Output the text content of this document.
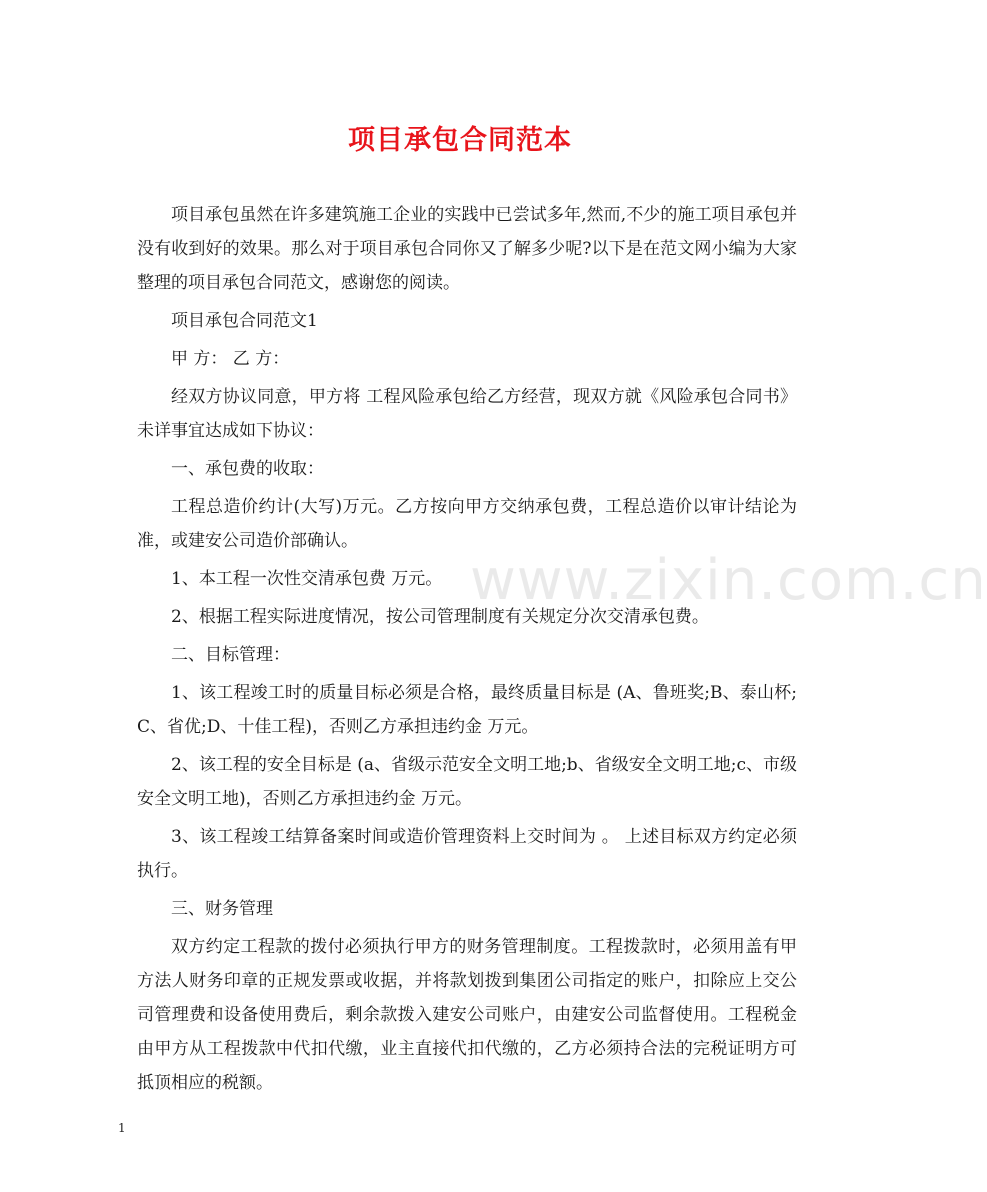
项目承包合同范本

项目承包虽然在许多建筑施工企业的实践中已尝试多年,然而,不少的施工项目承包并没有收到好的效果。那么对于项目承包合同你又了解多少呢?以下是在范文网小编为大家整理的项目承包合同范文，感谢您的阅读。

项目承包合同范文1

甲 方： 乙 方：

经双方协议同意，甲方将 工程风险承包给乙方经营，现双方就《风险承包合同书》未详事宜达成如下协议：

一、承包费的收取：

工程总造价约计(大写)万元。乙方按向甲方交纳承包费，工程总造价以审计结论为准，或建安公司造价部确认。

1、本工程一次性交清承包费 万元。

2、根据工程实际进度情况，按公司管理制度有关规定分次交清承包费。

二、目标管理：

1、该工程竣工时的质量目标必须是合格，最终质量目标是 (A、鲁班奖;B、泰山杯;C、省优;D、十佳工程)，否则乙方承担违约金 万元。

2、该工程的安全目标是 (a、省级示范安全文明工地;b、省级安全文明工地;c、市级安全文明工地)，否则乙方承担违约金 万元。

3、该工程竣工结算备案时间或造价管理资料上交时间为 。 上述目标双方约定必须执行。

三、财务管理

双方约定工程款的拨付必须执行甲方的财务管理制度。工程拨款时，必须用盖有甲方法人财务印章的正规发票或收据，并将款划拨到集团公司指定的账户，扣除应上交公司管理费和设备使用费后，剩余款拨入建安公司账户，由建安公司监督使用。工程税金由甲方从工程拨款中代扣代缴，业主直接代扣代缴的，乙方必须持合法的完税证明方可抵顶相应的税额。

www.zixin.com.cn
1
